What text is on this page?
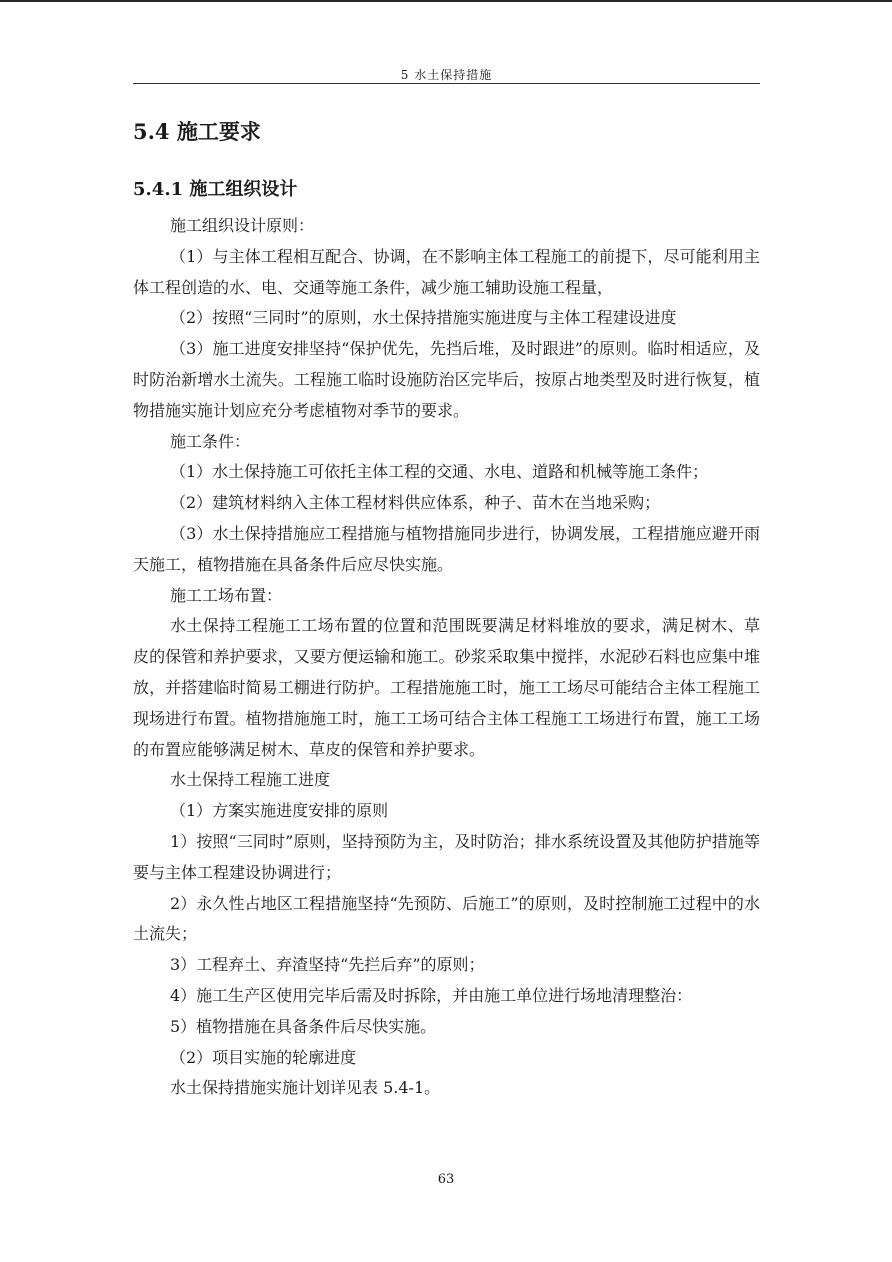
5 水土保持措施
5.4 施工要求
5.4.1 施工组织设计

施工组织设计原则：

（1）与主体工程相互配合、协调，在不影响主体工程施工的前提下，尽可能利用主体工程创造的水、电、交通等施工条件，减少施工辅助设施工程量，

（2）按照“三同时”的原则，水土保持措施实施进度与主体工程建设进度

（3）施工进度安排坚持“保护优先，先挡后堆，及时跟进”的原则。临时相适应，及时防治新增水土流失。工程施工临时设施防治区完毕后，按原占地类型及时进行恢复，植物措施实施计划应充分考虑植物对季节的要求。

施工条件：

（1）水土保持施工可依托主体工程的交通、水电、道路和机械等施工条件；

（2）建筑材料纳入主体工程材料供应体系，种子、苗木在当地采购；

（3）水土保持措施应工程措施与植物措施同步进行，协调发展，工程措施应避开雨天施工，植物措施在具备条件后应尽快实施。

施工工场布置：

水土保持工程施工工场布置的位置和范围既要满足材料堆放的要求，满足树木、草皮的保管和养护要求，又要方便运输和施工。砂浆采取集中搅拌，水泥砂石料也应集中堆放，并搭建临时简易工棚进行防护。工程措施施工时，施工工场尽可能结合主体工程施工现场进行布置。植物措施施工时，施工工场可结合主体工程施工工场进行布置，施工工场的布置应能够满足树木、草皮的保管和养护要求。

水土保持工程施工进度

（1）方案实施进度安排的原则

1）按照“三同时”原则，坚持预防为主，及时防治；排水系统设置及其他防护措施等要与主体工程建设协调进行；

2）永久性占地区工程措施坚持“先预防、后施工”的原则，及时控制施工过程中的水土流失；

3）工程弃土、弃渣坚持“先拦后弃”的原则；

4）施工生产区使用完毕后需及时拆除，并由施工单位进行场地清理整治：

5）植物措施在具备条件后尽快实施。

（2）项目实施的轮廓进度

水土保持措施实施计划详见表 5.4-1。

63
